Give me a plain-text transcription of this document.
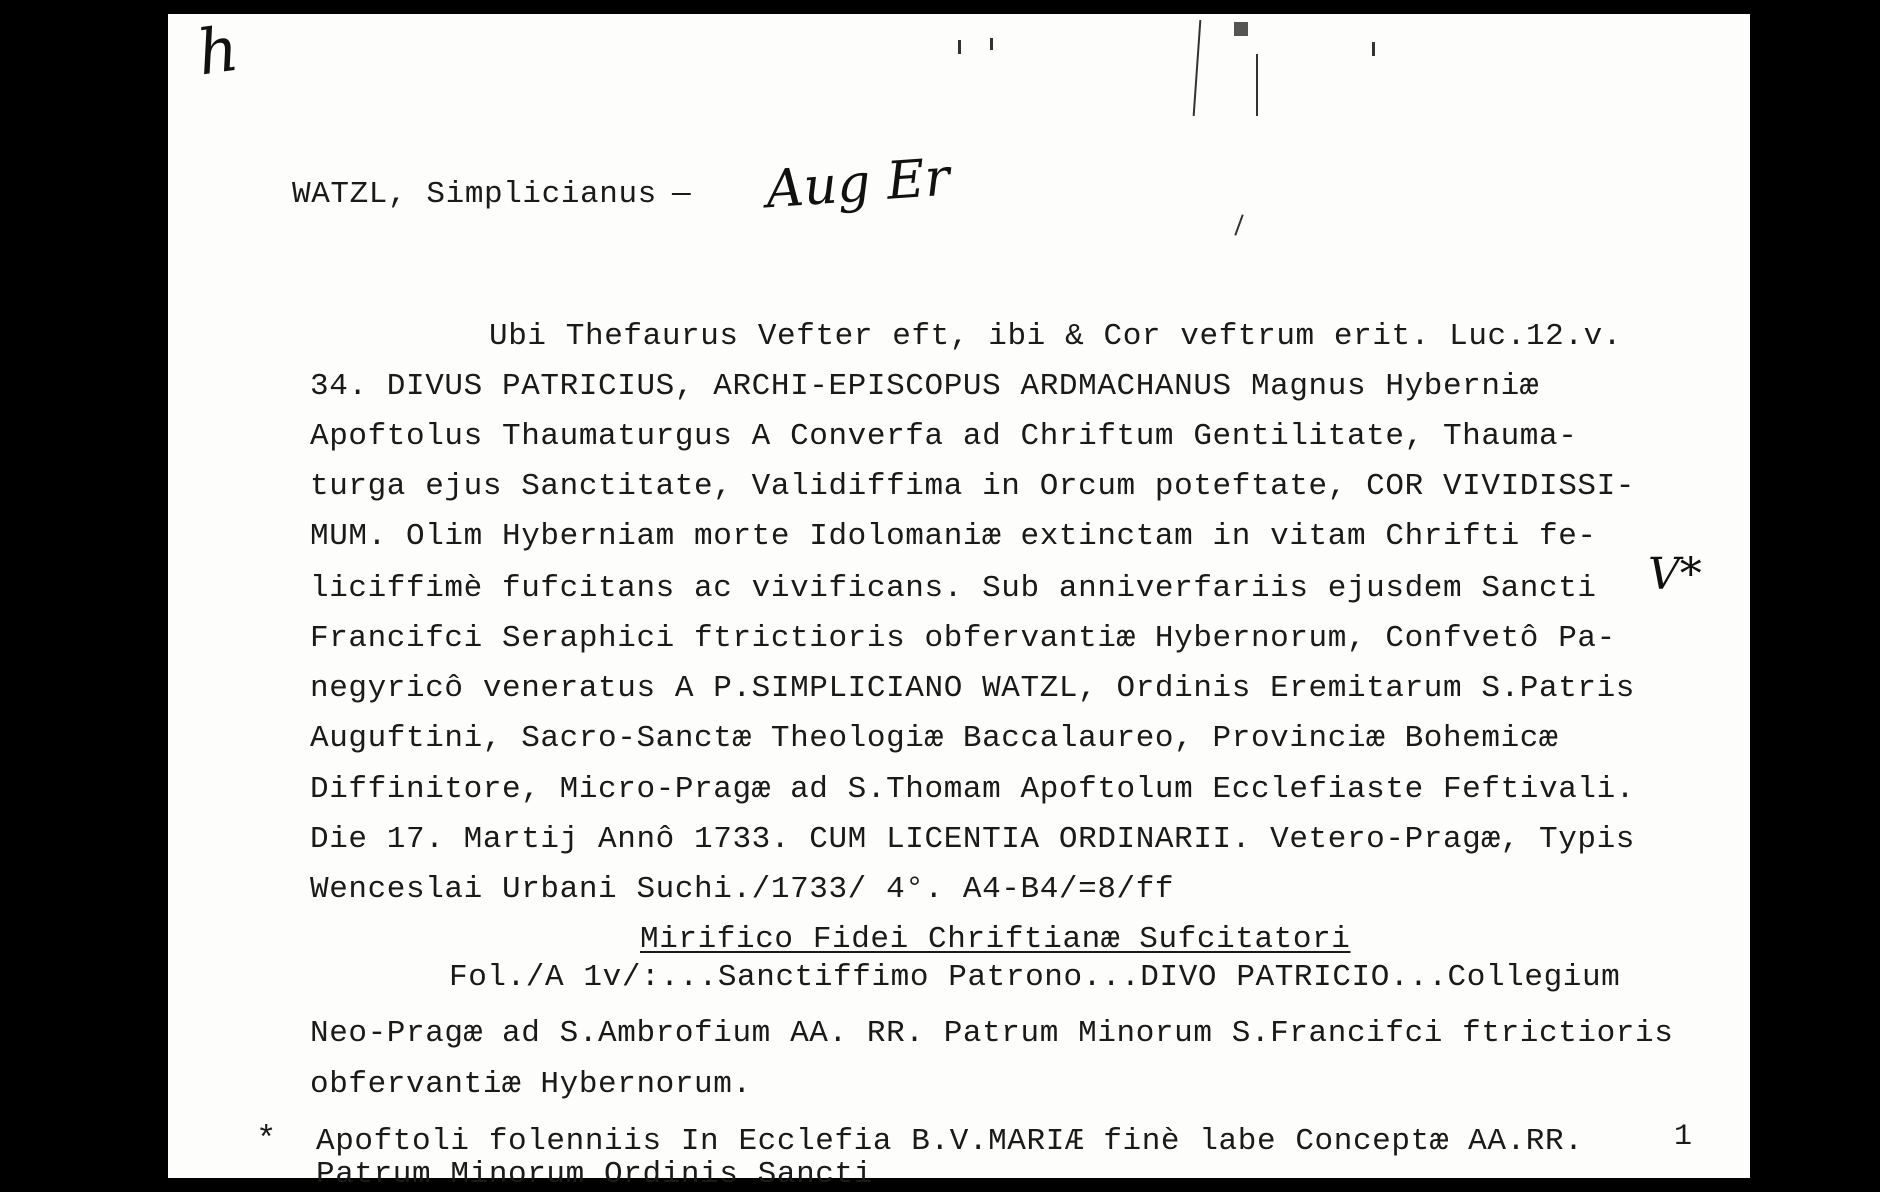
h
WATZL, Simplicianus — Aug Er
Ubi Thefaurus Vefter eft, ibi & Cor veftrum erit. Luc.12.v.
34. DIVUS PATRICIUS, ARCHI-EPISCOPUS ARDMACHANUS Magnus Hyberniæ
Apoftolus Thaumaturgus A Converfa ad Chriftum Gentilitate, Thauma-
turga ejus Sanctitate, Validiffima in Orcum poteftate, COR VIVIDISSI-
MUM. Olim Hyberniam morte Idolomaniæ extinctam in vitam Chrifti fe-
liciffimè fufcitans ac vivificans. Sub anniverfariis ejusdem Sancti
Francifci Seraphici ftrictioris obfervantiæ Hybernorum, Confvetô Pa-
negyricô veneratus A P.SIMPLICIANO WATZL, Ordinis Eremitarum S.Patris
Auguftini, Sacro-Sanctæ Theologiæ Baccalaureo, Provinciæ Bohemicæ
Diffinitore, Micro-Pragæ ad S.Thomam Apoftolum Ecclefiaste Feftivali.
Die 17. Martij Annô 1733. CUM LICENTIA ORDINARII. Vetero-Pragæ, Typis
Wenceslai Urbani Suchi./1733/ 4°. A4-B4/=8/ff
V*
Mirifico Fidei Chriftianæ Sufcitatori
Fol./A 1v/:...Sanctiffimo Patrono...DIVO PATRICIO...Collegium
Neo-Pragæ ad S.Ambrofium AA. RR. Patrum Minorum S.Francifci ftrictioris
obfervantiæ Hybernorum.
* Apoftoli folenniis In Ecclefia B.V.MARIÆ finè labe Conceptæ AA.RR.
Patrum Minorum Ordinis Sancti
1
